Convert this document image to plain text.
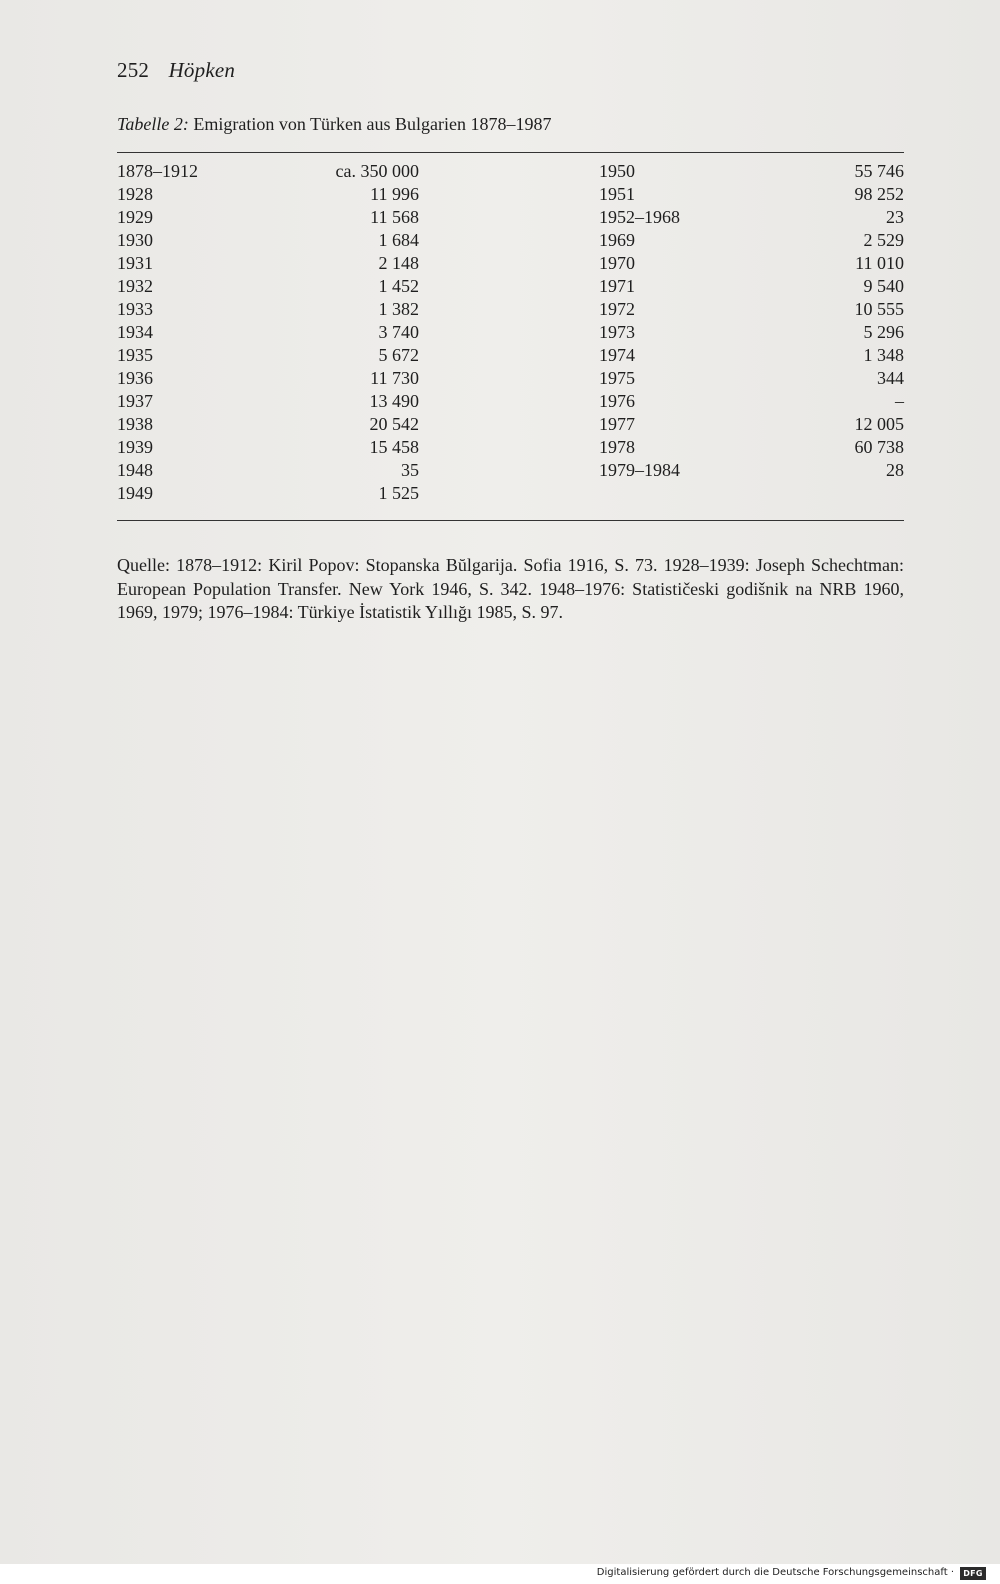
252 Höpken
Tabelle 2: Emigration von Türken aus Bulgarien 1878–1987
1878–1912	ca. 350 000
1928	11 996
1929	11 568
1930	1 684
1931	2 148
1932	1 452
1933	1 382
1934	3 740
1935	5 672
1936	11 730
1937	13 490
1938	20 542
1939	15 458
1948	35
1949	1 525
1950	55 746
1951	98 252
1952–1968	23
1969	2 529
1970	11 010
1971	9 540
1972	10 555
1973	5 296
1974	1 348
1975	344
1976	–
1977	12 005
1978	60 738
1979–1984	28
Quelle: 1878–1912: Kiril Popov: Stopanska Bŭlgarija. Sofia 1916, S. 73. 1928–1939: Joseph Schechtman: European Population Transfer. New York 1946, S. 342. 1948–1976: Statističeski godišnik na NRB 1960, 1969, 1979; 1976–1984: Türkiye İstatistik Yıllığı 1985, S. 97.
Digitalisierung gefördert durch die Deutsche Forschungsgemeinschaft ·	DFG
